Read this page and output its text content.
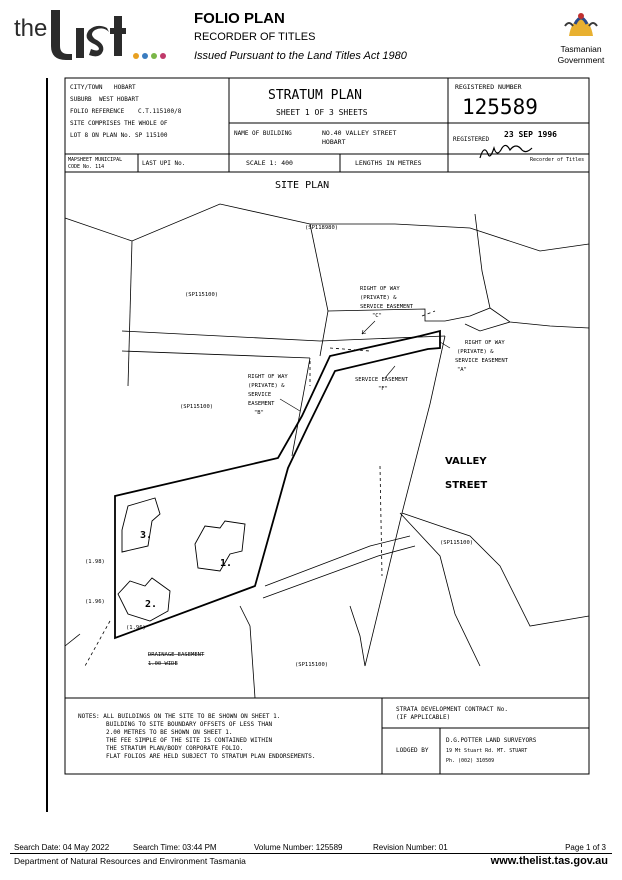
the	FOLIO PLAN
RECORDER OF TITLES
Issued Pursuant to the Land Titles Act 1980
Tasmanian
Government
CITY/TOWN HOBART
SUBURB WEST HOBART
FOLIO REFERENCE C.T.115100/8
SITE COMPRISES THE WHOLE OF
LOT 8 ON PLAN No. SP 115100
MAPSHEET MUNICIPAL
CODE No. 114	LAST UPI No.
NAME OF BUILDING	NO.40 VALLEY STREET
HOBART
SCALE 1: 400	LENGTHS IN METRES
REGISTERED NUMBER
REGISTERED
Recorder of Titles
STRATUM PLAN
SHEET 1 OF 3 SHEETS	125589
23 SEP 1996
SITE PLAN
(SP118980)
(SP115100)
(SP115100)
(SP115100)
(SP115100)
RIGHT OF WAY
(PRIVATE) &
SERVICE EASEMENT
"C"
RIGHT OF WAY
(PRIVATE) &
SERVICE EASEMENT
"A"
RIGHT OF WAY
(PRIVATE) &
SERVICE
EASEMENT
"B"
SERVICE EASEMENT
"F"
(1.98)
(1.96)
(1.96)
DRAINAGE EASEMENT
1.00 WIDE
VALLEY
STREET
1.
2.
3.
NOTES: ALL BUILDINGS ON THE SITE TO BE SHOWN ON SHEET 1.
BUILDING TO SITE BOUNDARY OFFSETS OF LESS THAN
2.00 METRES TO BE SHOWN ON SHEET 1.
THE FEE SIMPLE OF THE SITE IS CONTAINED WITHIN
THE STRATUM PLAN/BODY CORPORATE FOLIO.
FLAT FOLIOS ARE HELD SUBJECT TO STRATUM PLAN ENDORSEMENTS.
STRATA DEVELOPMENT CONTRACT No.
(IF APPLICABLE)
LODGED BY
D.G.POTTER LAND SURVEYORS
19 Mt Stuart Rd. MT. STUART
Ph. (002) 310509
Search Date: 04 May 2022	Search Time: 03:44 PM	Volume Number: 125589	Revision Number: 01	Page 1 of 3
Department of Natural Resources and Environment Tasmania	www.thelist.tas.gov.au
